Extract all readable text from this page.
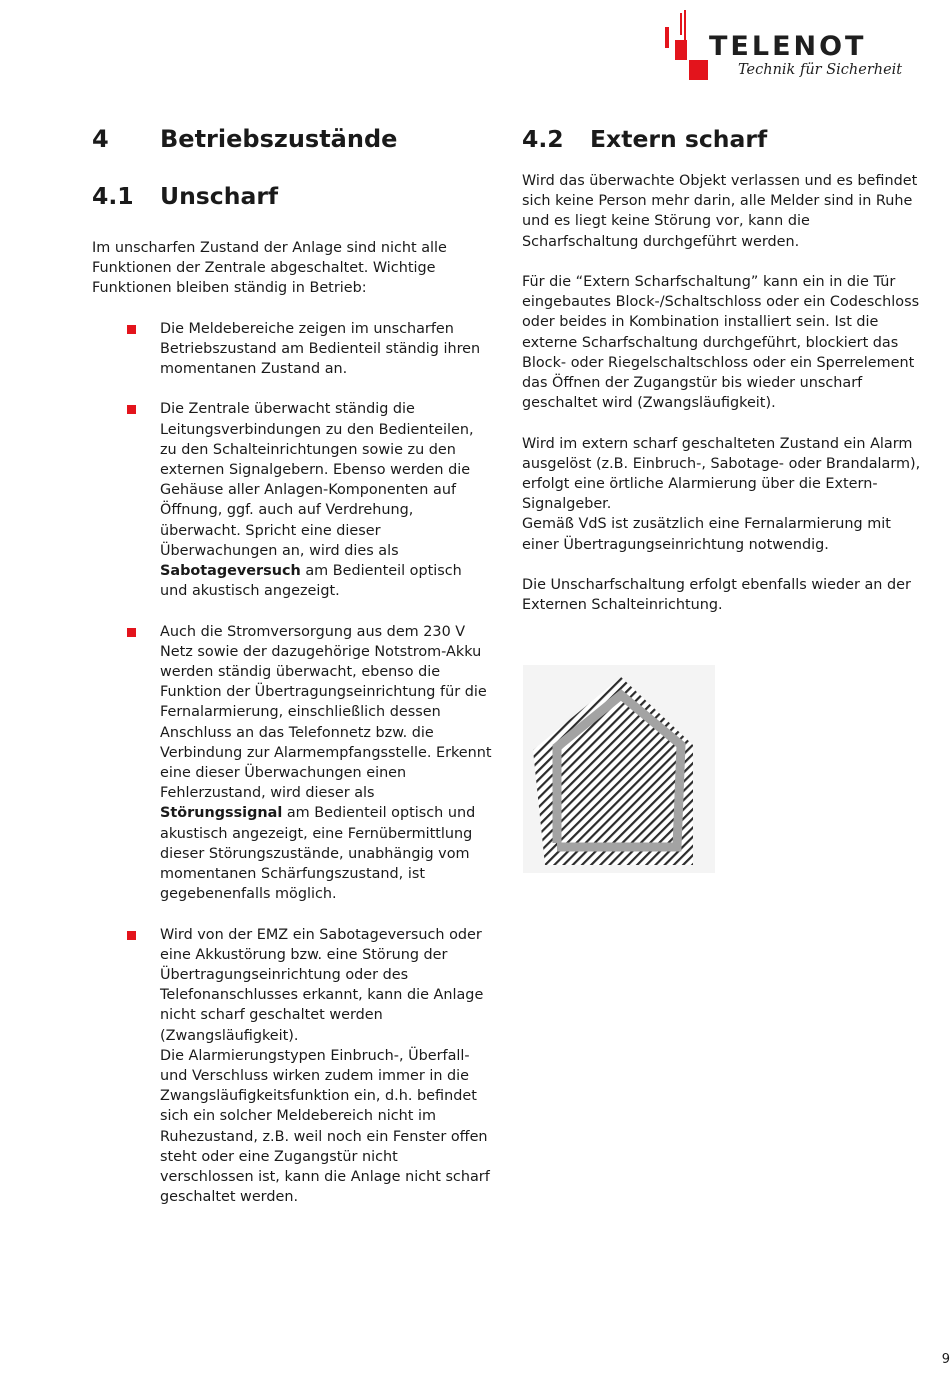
TELENOT
Technik für Sicherheit
4	Betriebszustände
4.1	Unscharf

Im unscharfen Zustand der Anlage sind nicht alle Funktionen der Zentrale abgeschaltet. Wichtige Funktionen bleiben ständig in Betrieb:

Die Meldebereiche zeigen im unscharfen Betriebszustand am Bedienteil ständig ihren momentanen Zustand an.
Die Zentrale überwacht ständig die Leitungsverbindungen zu den Bedienteilen, zu den Schalteinrichtungen sowie zu den externen Signalgebern. Ebenso werden die Gehäuse aller Anlagen-Komponenten auf Öffnung, ggf. auch auf Verdrehung, überwacht. Spricht eine dieser Überwachungen an, wird dies als Sabotageversuch am Bedienteil optisch und akustisch angezeigt.
Auch die Stromversorgung aus dem 230 V Netz sowie der dazugehörige Notstrom-Akku werden ständig überwacht, ebenso die Funktion der Übertragungseinrichtung für die Fernalarmierung, einschließlich dessen Anschluss an das Telefonnetz bzw. die Verbindung zur Alarmempfangsstelle. Erkennt eine dieser Überwachungen einen Fehlerzustand, wird dieser als Störungssignal am Bedienteil optisch und akustisch angezeigt, eine Fernübermittlung dieser Störungszustände, unabhängig vom momentanen Schärfungszustand, ist gegebenenfalls möglich.
Wird von der EMZ ein Sabotageversuch oder eine Akkustörung bzw. eine Störung der Übertragungseinrichtung oder des Telefonanschlusses erkannt, kann die Anlage nicht scharf geschaltet werden (Zwangsläufigkeit).
Die Alarmierungstypen Einbruch-, Überfall- und Verschluss wirken zudem immer in die Zwangsläufigkeitsfunktion ein, d.h. befindet sich ein solcher Meldebereich nicht im Ruhezustand, z.B. weil noch ein Fenster offen steht oder eine Zugangstür nicht verschlossen ist, kann die Anlage nicht scharf geschaltet werden.
4.2	Extern scharf

Wird das überwachte Objekt verlassen und es befindet sich keine Person mehr darin, alle Melder sind in Ruhe und es liegt keine Störung vor, kann die Scharfschaltung durchgeführt werden.

Für die “Extern Scharfschaltung” kann ein in die Tür eingebautes Block-/Schaltschloss oder ein Codeschloss oder beides in Kombination installiert sein. Ist die externe Scharfschaltung durchgeführt, blockiert das Block- oder Riegelschaltschloss oder ein Sperrelement das Öffnen der Zugangstür bis wieder unscharf geschaltet wird (Zwangsläufigkeit).

Wird im extern scharf geschalteten Zustand ein Alarm ausgelöst (z.B. Einbruch-, Sabotage- oder Brandalarm), erfolgt eine örtliche Alarmierung über die Extern-Signalgeber.

Gemäß VdS ist zusätzlich eine Fernalarmierung mit einer Übertragungseinrichtung notwendig.

Die Unscharfschaltung erfolgt ebenfalls wieder an der Externen Schalteinrichtung.

9
